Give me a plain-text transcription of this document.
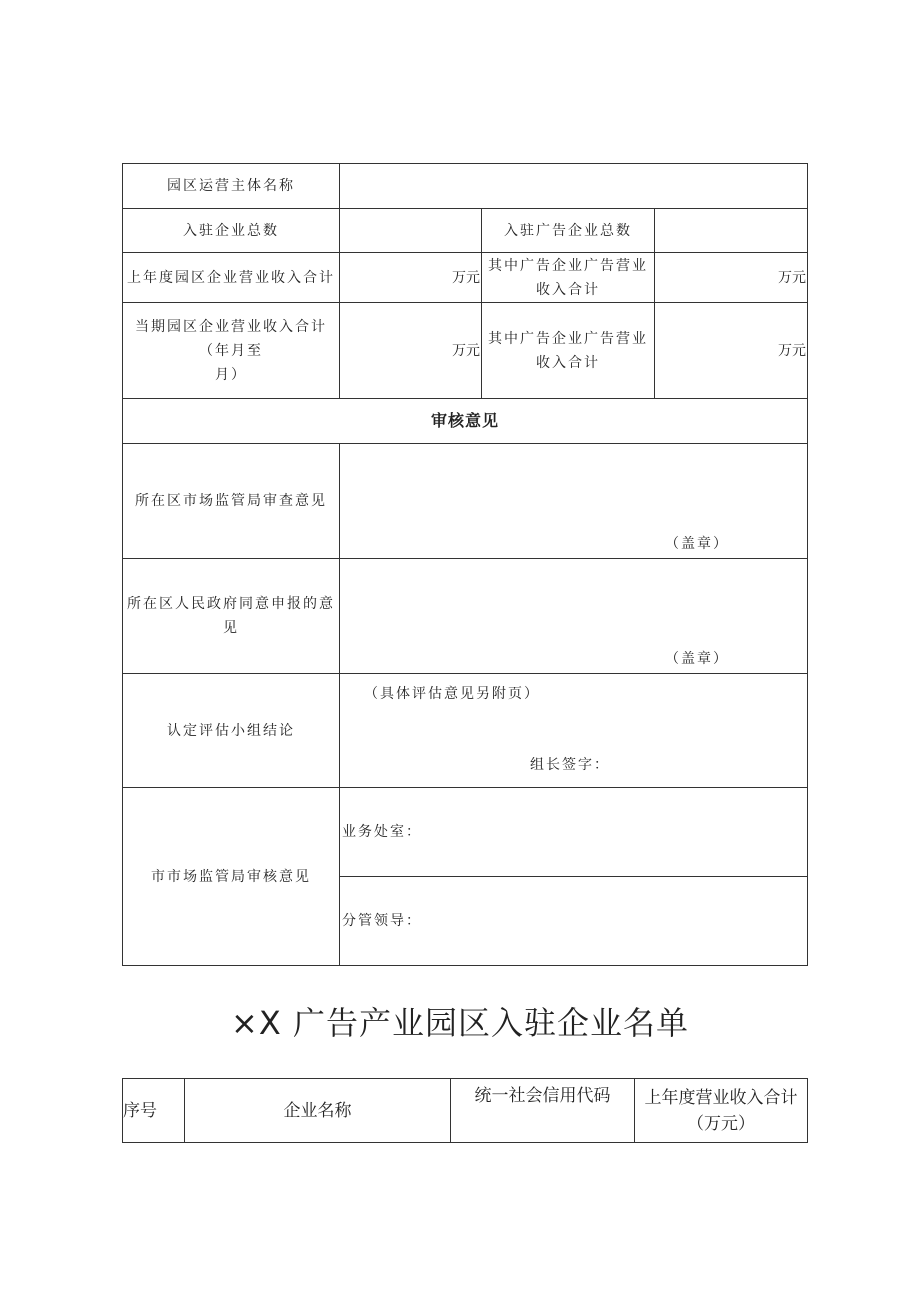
园区运营主体名称			
入驻企业总数		入驻广告企业总数	
上年度园区企业营业收入合计	万元	其中广告企业广告营业收入合计	万元

当期园区企业营业收入合计
（年月至
月）	万元	其中广告企业广告营业收入合计	万元
审核意见			
所在区市场监管局审查意见	（盖章）		

所在区人民政府同意申报的意见	（盖章）		

认定评估小组结论	（具体评估意见另附页）
组长签字：		

市市场监管局审核意见	业务处室：		
	分管领导：		
×X 广告产业园区入驻企业名单
序号	企业名称	统一社会信用代码	上年度营业收入合计（万元）
